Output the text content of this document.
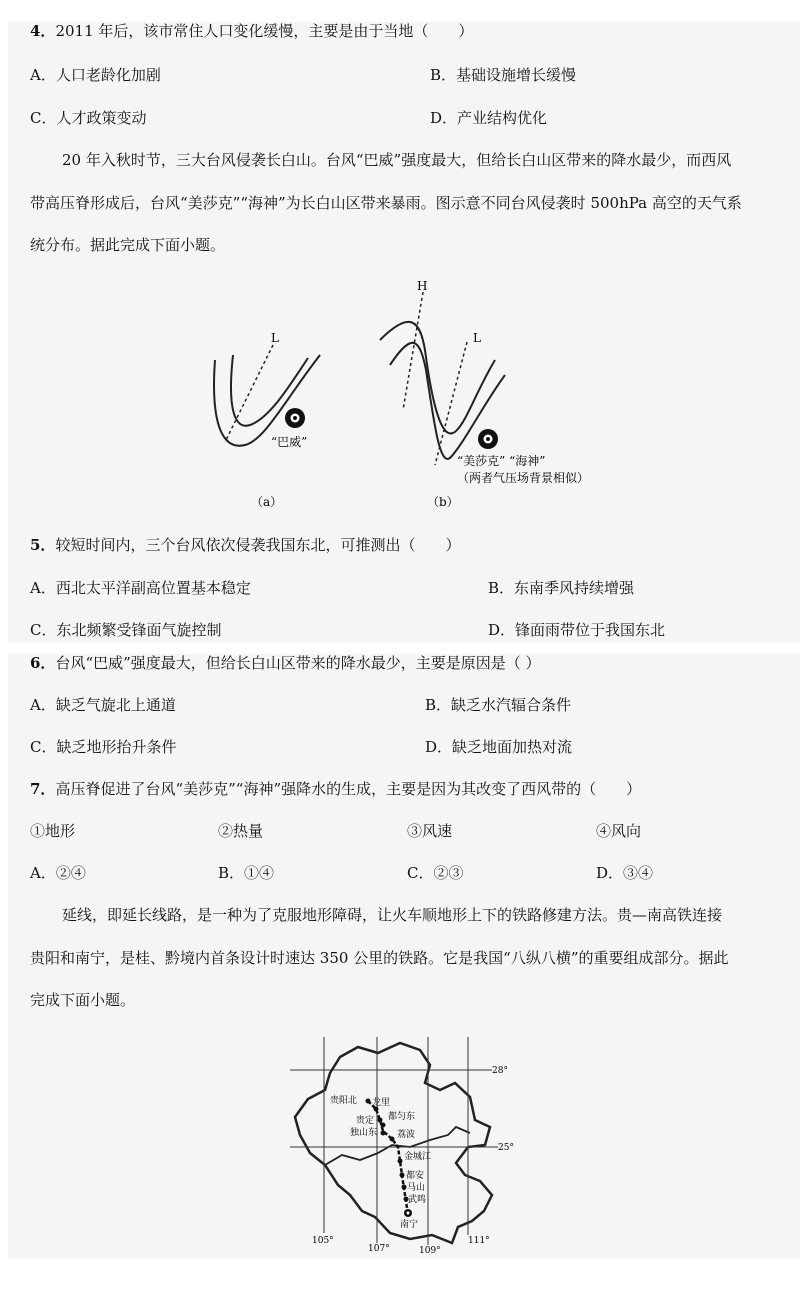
4．2011 年后，该市常住人口变化缓慢，主要是由于当地（　　）
A．人口老龄化加剧	B．基础设施增长缓慢
C．人才政策变动	D．产业结构优化
20 年入秋时节，三大台风侵袭长白山。台风“巴威”强度最大，但给长白山区带来的降水最少，而西风
带高压脊形成后，台风“美莎克”“海神”为长白山区带来暴雨。图示意不同台风侵袭时 500hPa 高空的天气系
统分布。据此完成下面小题。
L
“巴威”
（a）
H
L
“美莎克” “海神”
（两者气压场背景相似）
（b）
5．较短时间内，三个台风依次侵袭我国东北，可推测出（　　）
A．西北太平洋副高位置基本稳定	B．东南季风持续增强
C．东北频繁受锋面气旋控制	D．锋面雨带位于我国东北
6．台风“巴威”强度最大，但给长白山区带来的降水最少，主要是原因是（ ）
A．缺乏气旋北上通道	B．缺乏水汽辐合条件
C．缺乏地形抬升条件	D．缺乏地面加热对流
7．高压脊促进了台风“美莎克”“海神”强降水的生成，主要是因为其改变了西风带的（　　）
①地形	②热量	③风速	④风向
A．②④	B．①④	C．②③	D．③④
延线，即延长线路，是一种为了克服地形障碍，让火车顺地形上下的铁路修建方法。贵—南高铁连接
贵阳和南宁，是桂、黔境内首条设计时速达 350 公里的铁路。它是我国“八纵八横”的重要组成部分。据此
完成下面小题。
28°
25°
105°
107°	109°
111°
贵阳北 龙里
贵定 都匀东
独山东 荔波
金城江
都安
马山
武鸣
南宁
